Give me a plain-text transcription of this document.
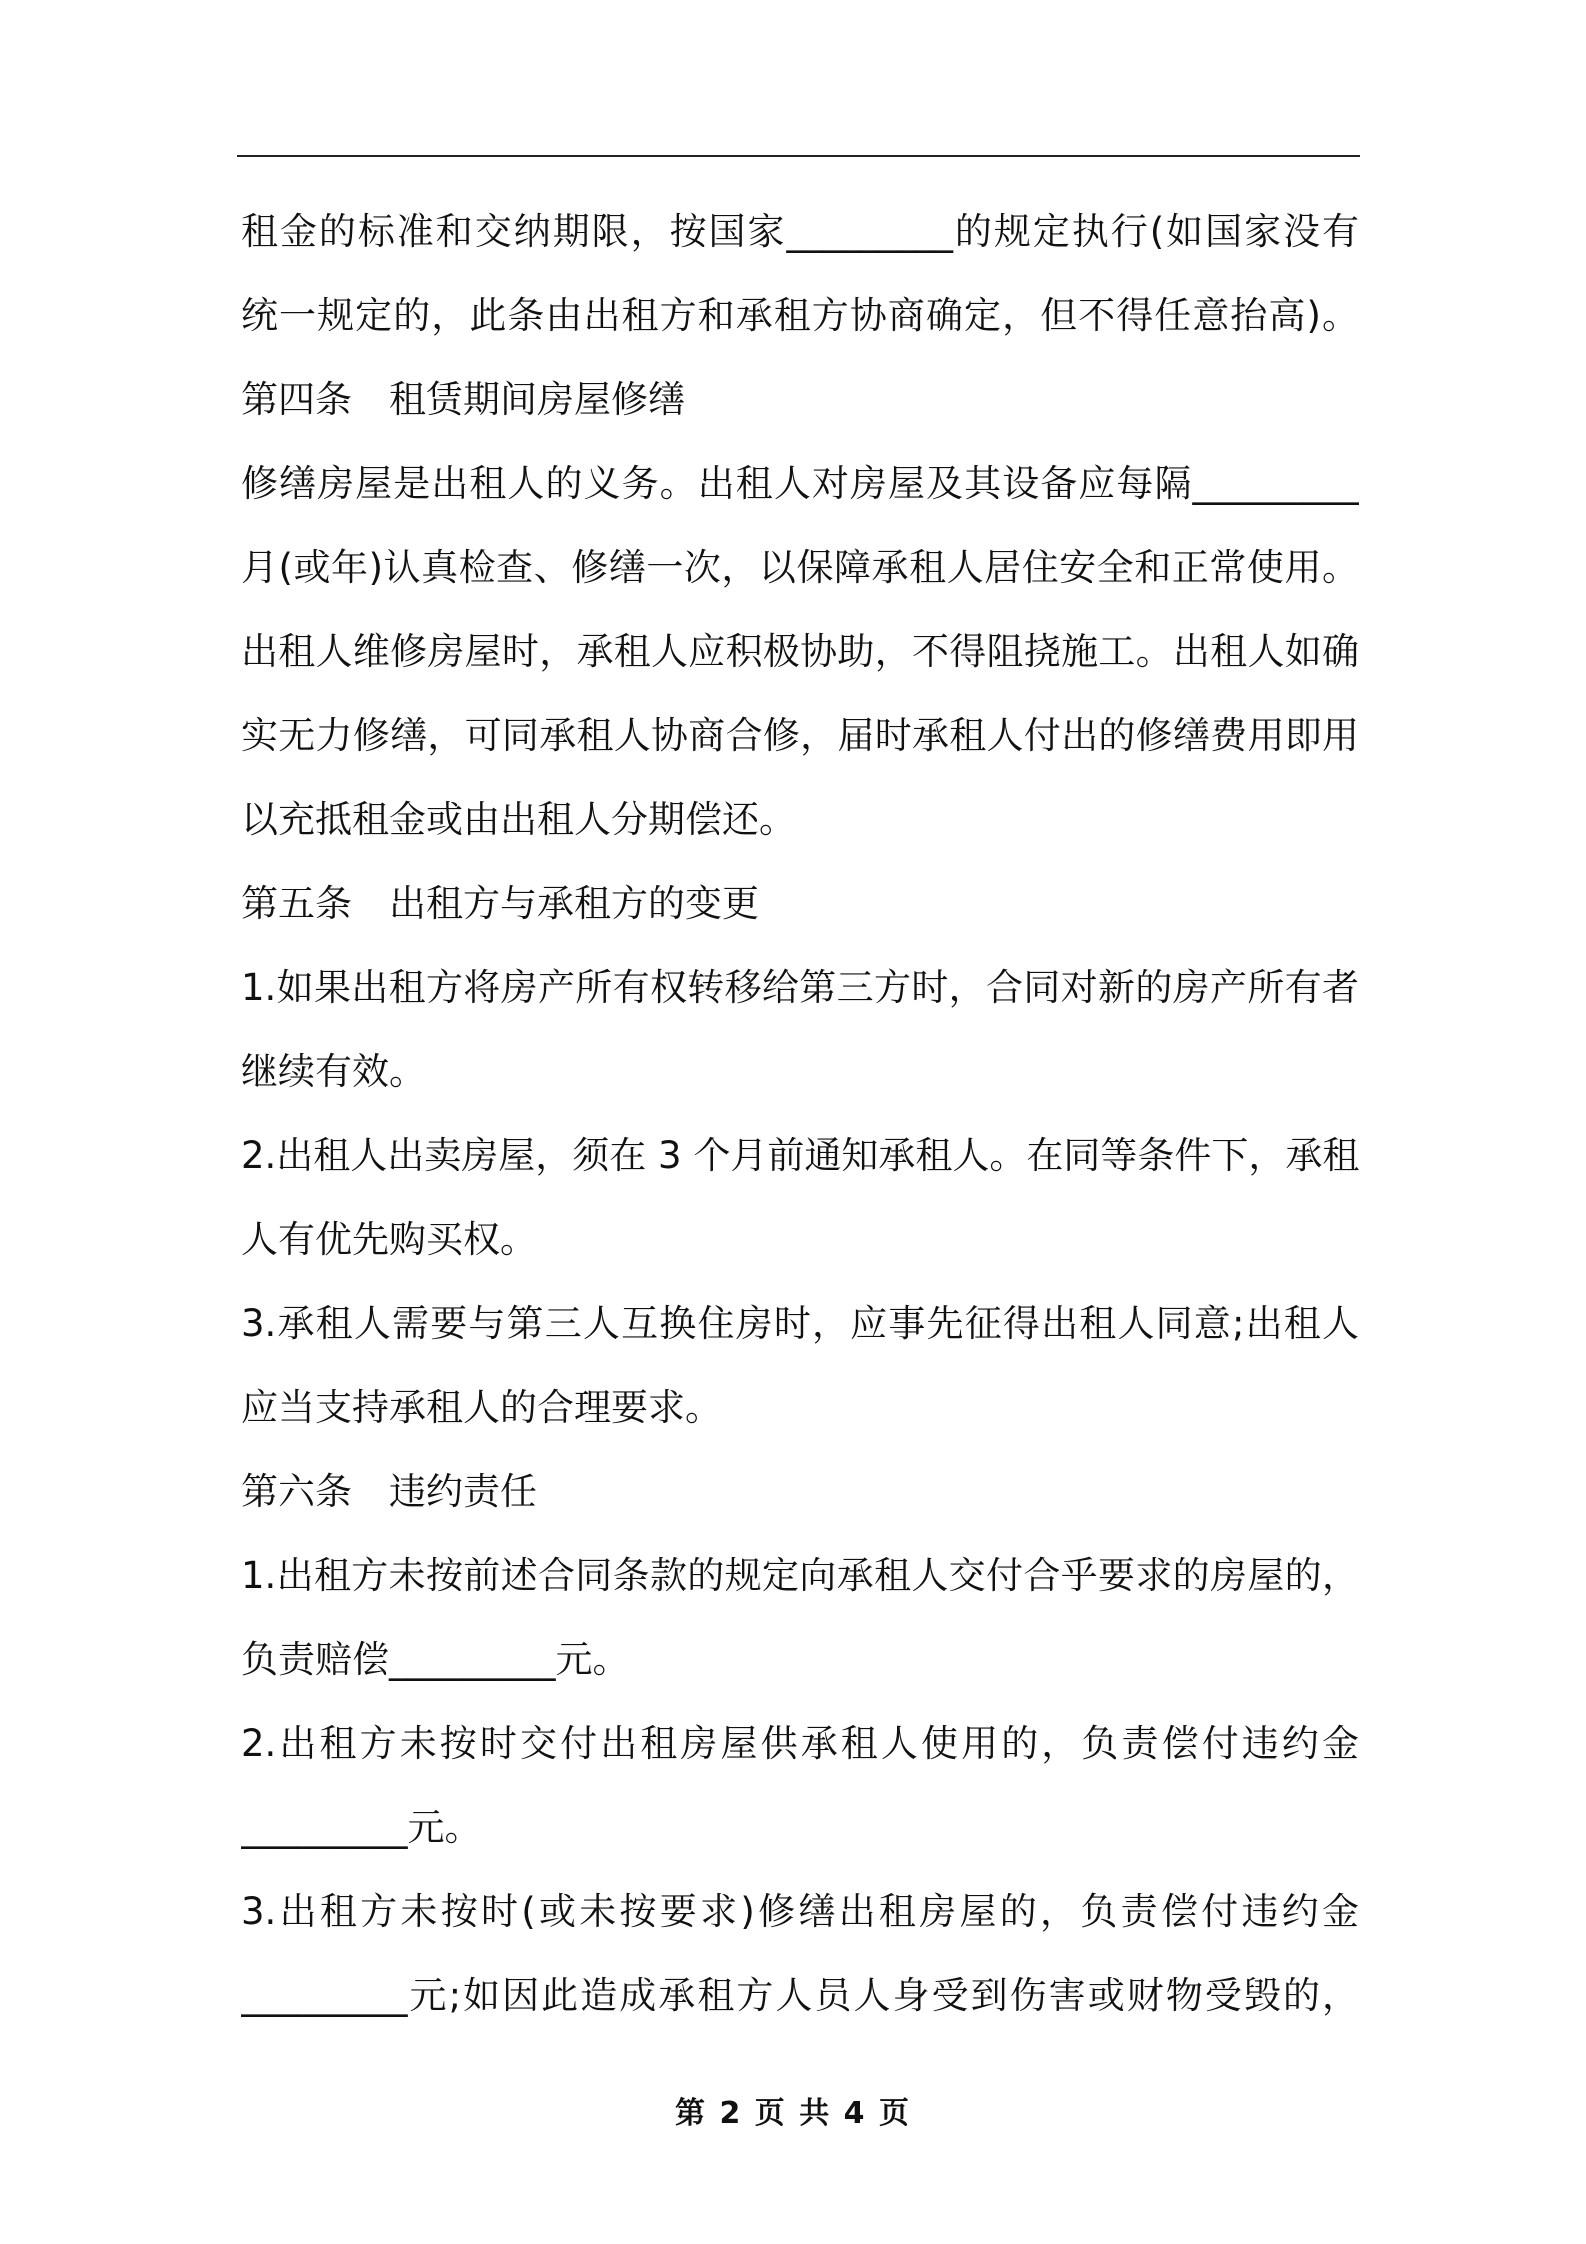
租金的标准和交纳期限，按国家_________的规定执行(如国家没有
统一规定的，此条由出租方和承租方协商确定，但不得任意抬高)。
第四条　租赁期间房屋修缮
修缮房屋是出租人的义务。出租人对房屋及其设备应每隔_________
月(或年)认真检查、修缮一次，以保障承租人居住安全和正常使用。
出租人维修房屋时，承租人应积极协助，不得阻挠施工。出租人如确
实无力修缮，可同承租人协商合修，届时承租人付出的修缮费用即用
以充抵租金或由出租人分期偿还。
第五条　出租方与承租方的变更
1.如果出租方将房产所有权转移给第三方时，合同对新的房产所有者
继续有效。
2.出租人出卖房屋，须在 3 个月前通知承租人。在同等条件下，承租
人有优先购买权。
3.承租人需要与第三人互换住房时，应事先征得出租人同意;出租人
应当支持承租人的合理要求。
第六条　违约责任
1.出租方未按前述合同条款的规定向承租人交付合乎要求的房屋的，
负责赔偿_________元。
2.出租方未按时交付出租房屋供承租人使用的，负责偿付违约金
_________元。
3.出租方未按时(或未按要求)修缮出租房屋的，负责偿付违约金
_________元;如因此造成承租方人员人身受到伤害或财物受毁的，
第 2 页 共 4 页
